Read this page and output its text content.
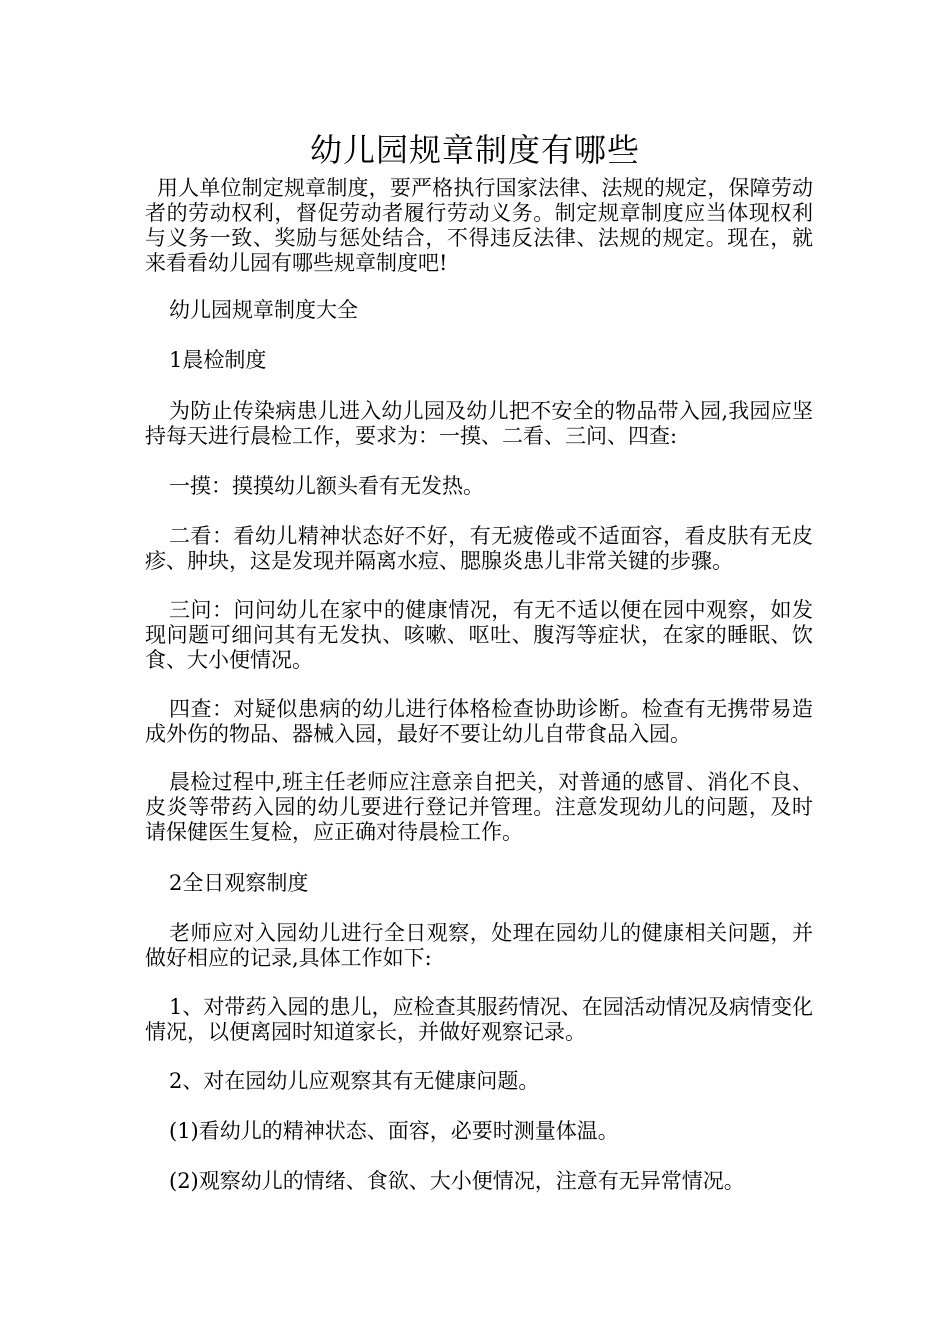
幼儿园规章制度有哪些

用人单位制定规章制度，要严格执行国家法律、法规的规定，保障劳动者的劳动权利，督促劳动者履行劳动义务。制定规章制度应当体现权利与义务一致、奖励与惩处结合，不得违反法律、法规的规定。现在，就来看看幼儿园有哪些规章制度吧!

幼儿园规章制度大全

1晨检制度

为防止传染病患儿进入幼儿园及幼儿把不安全的物品带入园,我园应坚持每天进行晨检工作，要求为：一摸、二看、三问、四查:

一摸：摸摸幼儿额头看有无发热。

二看：看幼儿精神状态好不好，有无疲倦或不适面容，看皮肤有无皮疹、肿块，这是发现并隔离水痘、腮腺炎患儿非常关键的步骤。

三问：问问幼儿在家中的健康情况，有无不适以便在园中观察，如发现问题可细问其有无发执、咳嗽、呕吐、腹泻等症状，在家的睡眠、饮食、大小便情况。

四查：对疑似患病的幼儿进行体格检查协助诊断。检查有无携带易造成外伤的物品、器械入园，最好不要让幼儿自带食品入园。

晨检过程中,班主任老师应注意亲自把关，对普通的感冒、消化不良、皮炎等带药入园的幼儿要进行登记并管理。注意发现幼儿的问题，及时请保健医生复检，应正确对待晨检工作。

2全日观察制度

老师应对入园幼儿进行全日观察，处理在园幼儿的健康相关问题，并做好相应的记录,具体工作如下:

1、对带药入园的患儿，应检查其服药情况、在园活动情况及病情变化情况，以便离园时知道家长，并做好观察记录。

2、对在园幼儿应观察其有无健康问题。

(1)看幼儿的精神状态、面容，必要时测量体温。

(2)观察幼儿的情绪、食欲、大小便情况，注意有无异常情况。
